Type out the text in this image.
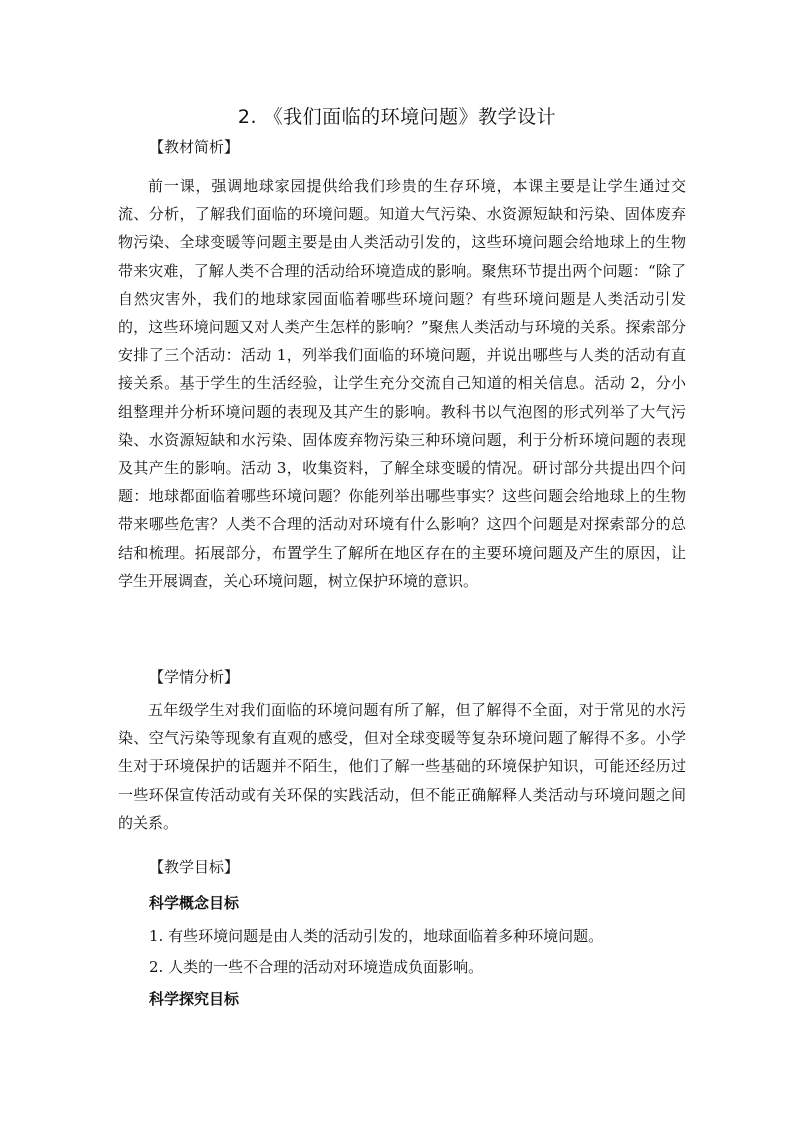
2. 《我们面临的环境问题》教学设计
【教材简析】

前一课，强调地球家园提供给我们珍贵的生存环境，本课主要是让学生通过交流、分析，了解我们面临的环境问题。知道大气污染、水资源短缺和污染、固体废弃物污染、全球变暖等问题主要是由人类活动引发的，这些环境问题会给地球上的生物带来灾难，了解人类不合理的活动给环境造成的影响。聚焦环节提出两个问题：“除了自然灾害外，我们的地球家园面临着哪些环境问题？有些环境问题是人类活动引发的，这些环境问题又对人类产生怎样的影响？”聚焦人类活动与环境的关系。探索部分安排了三个活动：活动 1，列举我们面临的环境问题，并说出哪些与人类的活动有直接关系。基于学生的生活经验，让学生充分交流自己知道的相关信息。活动 2，分小组整理并分析环境问题的表现及其产生的影响。教科书以气泡图的形式列举了大气污染、水资源短缺和水污染、固体废弃物污染三种环境问题，利于分析环境问题的表现及其产生的影响。活动 3，收集资料，了解全球变暖的情况。研讨部分共提出四个问题：地球都面临着哪些环境问题？你能列举出哪些事实？这些问题会给地球上的生物带来哪些危害？人类不合理的活动对环境有什么影响？这四个问题是对探索部分的总结和梳理。拓展部分，布置学生了解所在地区存在的主要环境问题及产生的原因，让学生开展调查，关心环境问题，树立保护环境的意识。

【学情分析】

五年级学生对我们面临的环境问题有所了解，但了解得不全面，对于常见的水污染、空气污染等现象有直观的感受，但对全球变暖等复杂环境问题了解得不多。小学生对于环境保护的话题并不陌生，他们了解一些基础的环境保护知识，可能还经历过一些环保宣传活动或有关环保的实践活动，但不能正确解释人类活动与环境问题之间的关系。

【教学目标】
科学概念目标
1. 有些环境问题是由人类的活动引发的，地球面临着多种环境问题。
2. 人类的一些不合理的活动对环境造成负面影响。
科学探究目标
